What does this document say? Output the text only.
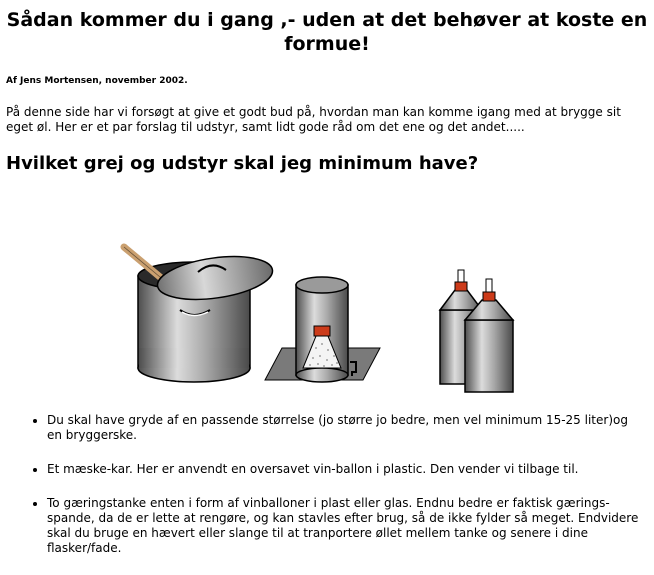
Sådan kommer du i gang ,- uden at det behøver at koste en formue!

Af Jens Mortensen, november 2002.

På denne side har vi forsøgt at give et godt bud på, hvordan man kan komme igang med at brygge sit eget øl. Her er et par forslag til udstyr, samt lidt gode råd om det ene og det andet.....

Hvilket grej og udstyr skal jeg minimum have?
• Du skal have gryde af en passende størrelse (jo større jo bedre, men vel minimum 15-25 liter)og en bryggerske.
• Et mæske-kar. Her er anvendt en oversavet vin-ballon i plastic. Den vender vi tilbage til.
• To gæringstanke enten i form af vinballoner i plast eller glas. Endnu bedre er faktisk gærings-spande, da de er lette at rengøre, og kan stavles efter brug, så de ikke fylder så meget. Endvidere skal du bruge en hævert eller slange til at tranportere øllet mellem tanke og senere i dine flasker/fade.
